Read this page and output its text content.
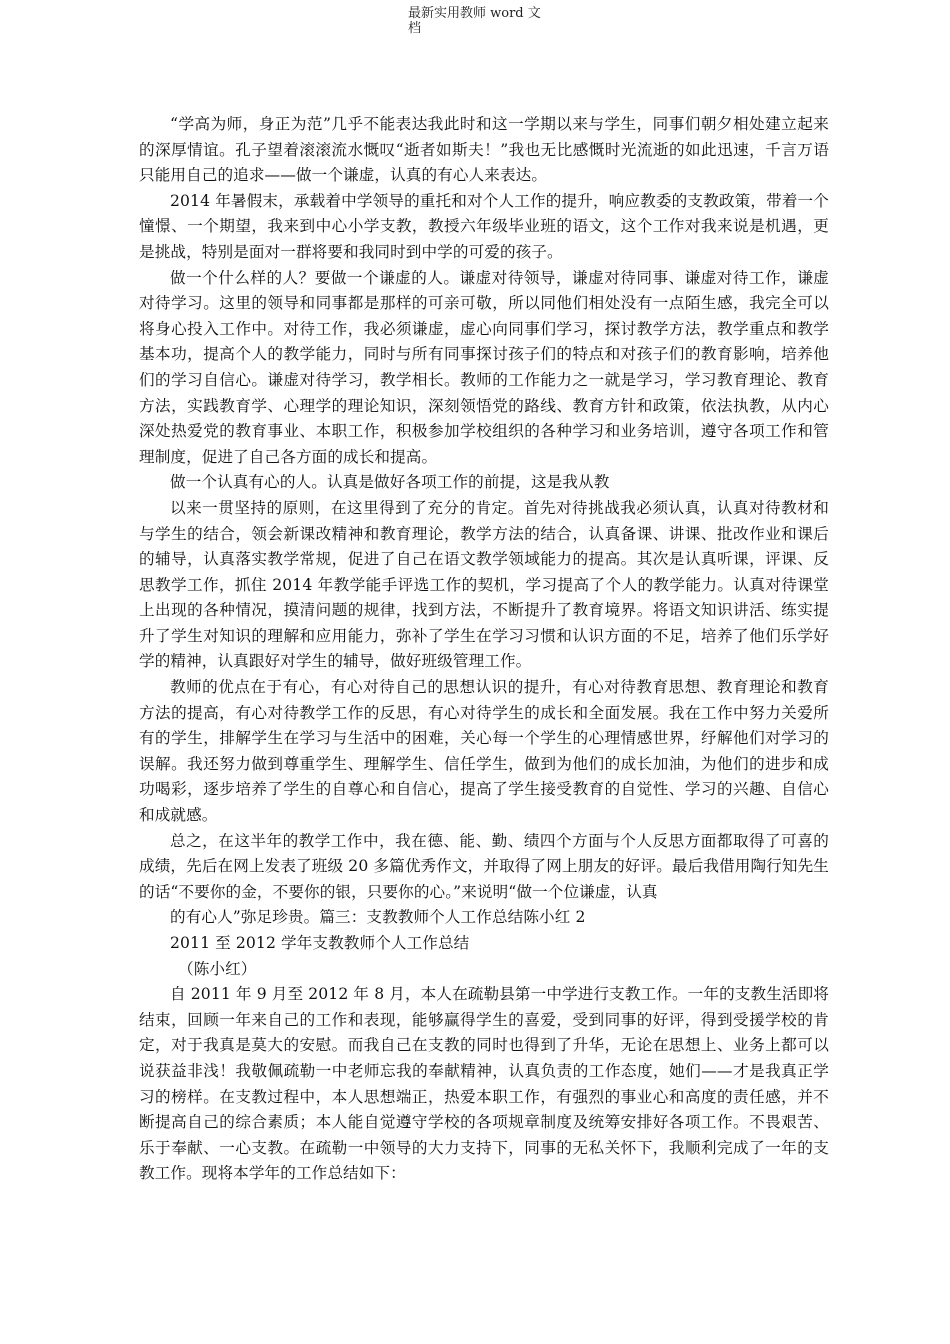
最新实用教师 word 文
档

“学高为师，身正为范”几乎不能表达我此时和这一学期以来与学生，同事们朝夕相处建立起来的深厚情谊。孔子望着滚滚流水慨叹“逝者如斯夫！”我也无比感慨时光流逝的如此迅速，千言万语只能用自己的追求——做一个谦虚，认真的有心人来表达。

2014 年暑假末，承载着中学领导的重托和对个人工作的提升，响应教委的支教政策，带着一个憧憬、一个期望，我来到中心小学支教，教授六年级毕业班的语文，这个工作对我来说是机遇，更是挑战，特别是面对一群将要和我同时到中学的可爱的孩子。

做一个什么样的人？要做一个谦虚的人。谦虚对待领导，谦虚对待同事、谦虚对待工作，谦虚对待学习。这里的领导和同事都是那样的可亲可敬，所以同他们相处没有一点陌生感，我完全可以将身心投入工作中。对待工作，我必须谦虚，虚心向同事们学习，探讨教学方法，教学重点和教学基本功，提高个人的教学能力，同时与所有同事探讨孩子们的特点和对孩子们的教育影响，培养他们的学习自信心。谦虚对待学习，教学相长。教师的工作能力之一就是学习，学习教育理论、教育方法，实践教育学、心理学的理论知识，深刻领悟党的路线、教育方针和政策，依法执教，从内心深处热爱党的教育事业、本职工作，积极参加学校组织的各种学习和业务培训，遵守各项工作和管理制度，促进了自己各方面的成长和提高。

做一个认真有心的人。认真是做好各项工作的前提，这是我从教

以来一贯坚持的原则，在这里得到了充分的肯定。首先对待挑战我必须认真，认真对待教材和与学生的结合，领会新课改精神和教育理论，教学方法的结合，认真备课、讲课、批改作业和课后的辅导，认真落实教学常规，促进了自己在语文教学领域能力的提高。其次是认真听课，评课、反思教学工作，抓住 2014 年教学能手评选工作的契机，学习提高了个人的教学能力。认真对待课堂上出现的各种情况，摸清问题的规律，找到方法，不断提升了教育境界。将语文知识讲活、练实提升了学生对知识的理解和应用能力，弥补了学生在学习习惯和认识方面的不足，培养了他们乐学好学的精神，认真跟好对学生的辅导，做好班级管理工作。

教师的优点在于有心，有心对待自己的思想认识的提升，有心对待教育思想、教育理论和教育方法的提高，有心对待教学工作的反思，有心对待学生的成长和全面发展。我在工作中努力关爱所有的学生，排解学生在学习与生活中的困难，关心每一个学生的心理情感世界，纾解他们对学习的误解。我还努力做到尊重学生、理解学生、信任学生，做到为他们的成长加油，为他们的进步和成功喝彩，逐步培养了学生的自尊心和自信心，提高了学生接受教育的自觉性、学习的兴趣、自信心和成就感。

总之，在这半年的教学工作中，我在德、能、勤、绩四个方面与个人反思方面都取得了可喜的成绩，先后在网上发表了班级 20 多篇优秀作文，并取得了网上朋友的好评。最后我借用陶行知先生的话“不要你的金，不要你的银，只要你的心。”来说明“做一个位谦虚，认真

的有心人”弥足珍贵。篇三：支教教师个人工作总结陈小红 2

2011 至 2012 学年支教教师个人工作总结

（陈小红）

自 2011 年 9 月至 2012 年 8 月，本人在疏勒县第一中学进行支教工作。一年的支教生活即将结束，回顾一年来自己的工作和表现，能够赢得学生的喜爱，受到同事的好评，得到受援学校的肯定，对于我真是莫大的安慰。而我自己在支教的同时也得到了升华，无论在思想上、业务上都可以说获益非浅！我敬佩疏勒一中老师忘我的奉献精神，认真负责的工作态度，她们——才是我真正学习的榜样。在支教过程中，本人思想端正，热爱本职工作，有强烈的事业心和高度的责任感，并不断提高自己的综合素质；本人能自觉遵守学校的各项规章制度及统筹安排好各项工作。不畏艰苦、乐于奉献、一心支教。在疏勒一中领导的大力支持下，同事的无私关怀下，我顺利完成了一年的支教工作。现将本学年的工作总结如下：
